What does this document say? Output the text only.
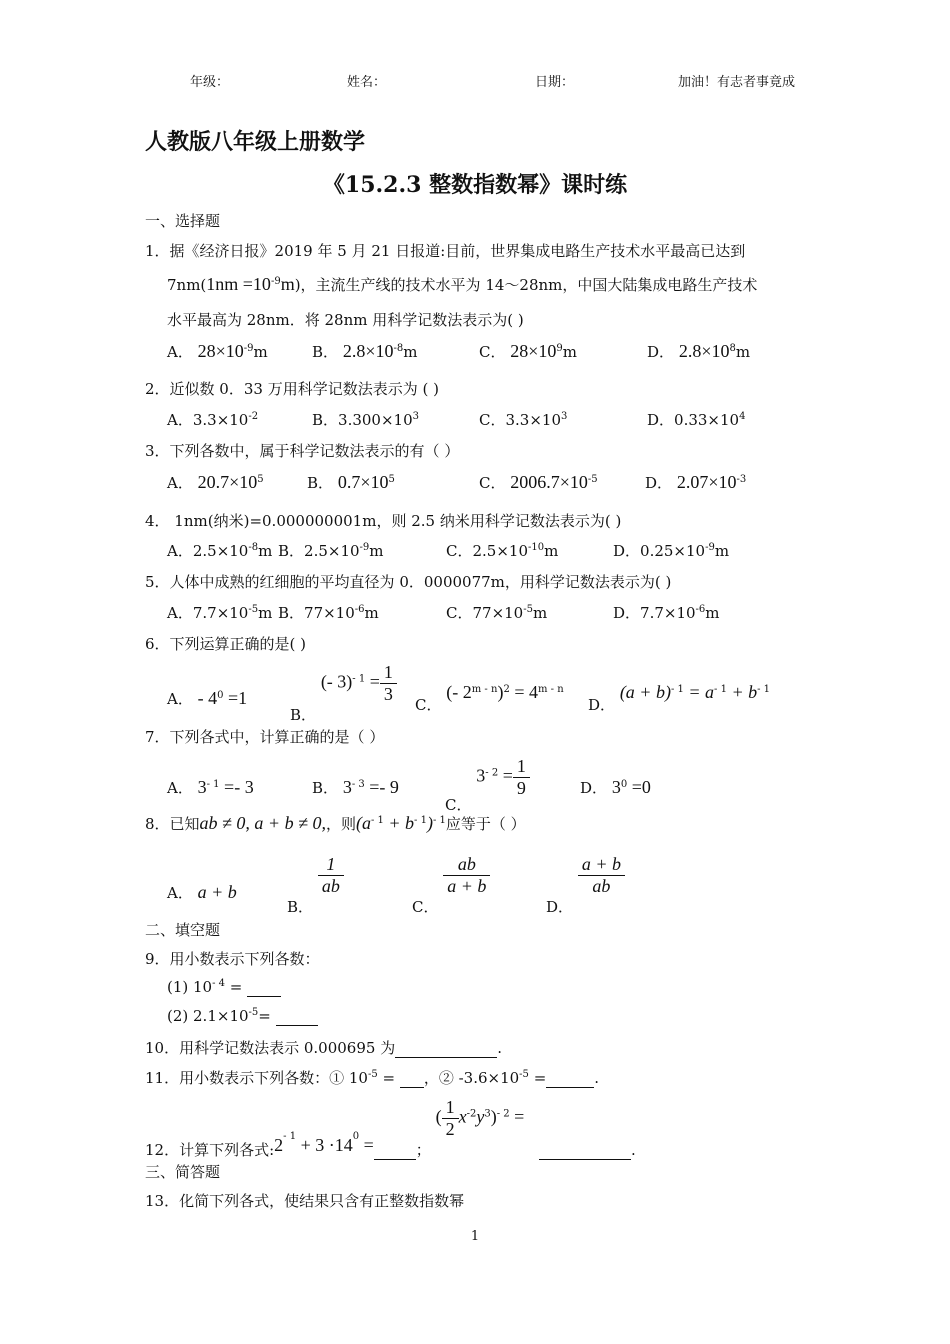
年级：	姓名：	日期：	加油！有志者事竟成
人教版八年级上册数学
《15.2.3 整数指数幂》课时练
一、选择题
1．据《经济日报》2019 年 5 月 21 日报道:目前，世界集成电路生产技术水平最高已达到
$7nm(1nm =10^{-9}m)$，主流生产线的技术水平为 14～28nm，中国大陆集成电路生产技术
水平最高为 28nm．将 28nm 用科学记数法表示为( )
A． $28\times 10^{-9}m$	B． $2.8\times 10^{-8}m$	C． $28\times 10^9m$	D． $2.8\times 10^8m$
2．近似数 0．33 万用科学记数法表示为 ( )
A．$3.3\times 10^{-2}$	B．$3.300\times 10^3$	C．$3.3\times 10^3$	D．$0.33\times 10^4$
3．下列各数中，属于科学记数法表示的有（ ）
A． $20.7\times 10^5$	B． $0.7\times 10^5$	C． $2006.7\times 10^{-5}$	D． $2.07\times 10^{-3}$
4． 1nm(纳米)=0.000000001m，则 2.5 纳米用科学记数法表示为( )
A．$2.5\times 10^{-8}m$ B．$2.5\times 10^{-9}m$	C．$2.5\times 10^{-10}m$	D．$0.25\times 10^{-9}m$
5．人体中成熟的红细胞的平均直径为 0．0000077m，用科学记数法表示为( )
A．$7.7\times 10^{-5}m$ B．$77\times 10^{-6}m$	C．$77\times 10^{-5}m$	D．$7.7\times 10^{-6}m$
6．下列运算正确的是( )
A． - $4^0 =1$
B． (- $3)^{- 1} = \frac{1}{3}$ C． (- $2^{m - n})^2 = 4^{m - n}$
D． $(a + b)^{- 1} = a^{- 1} + b^{- 1}$
7．下列各式中，计算正确的是（ ）
A． $3^{- 1} =- 3$	B． $3^{- 3} =- 9$
C． $3^{- 2} = \frac{1}{9}$	D． $3^0 =0$
8．已知ab ≠ 0, a + b ≠ 0,，则$(a^{- 1} + b^{- 1})^{- 1}$应等于（ ）
A． a + b
B．
$\frac{1}{ab}$
C．
$\frac{ab}{a + b}$
D．
$\frac{a + b}{ab}$
二、填空题
9．用小数表示下列各数：
(1) $10^{- 4}$ =
(2) $2.1\times 10^{-5}=$
10．用科学记数法表示 0.000695 为	.
11．用小数表示下列各数：① $10^{-5}$ =  ，② $-3.6\times 10^{-5}$ =	.
12．计算下列各式$:2^{- 1} + 3 \cdot 14^0$ =	； ( $\frac{1}{2} x^{-2}y^3)^{- 2}$ =  .
三、简答题
13．化简下列各式，使结果只含有正整数指数幂
1
